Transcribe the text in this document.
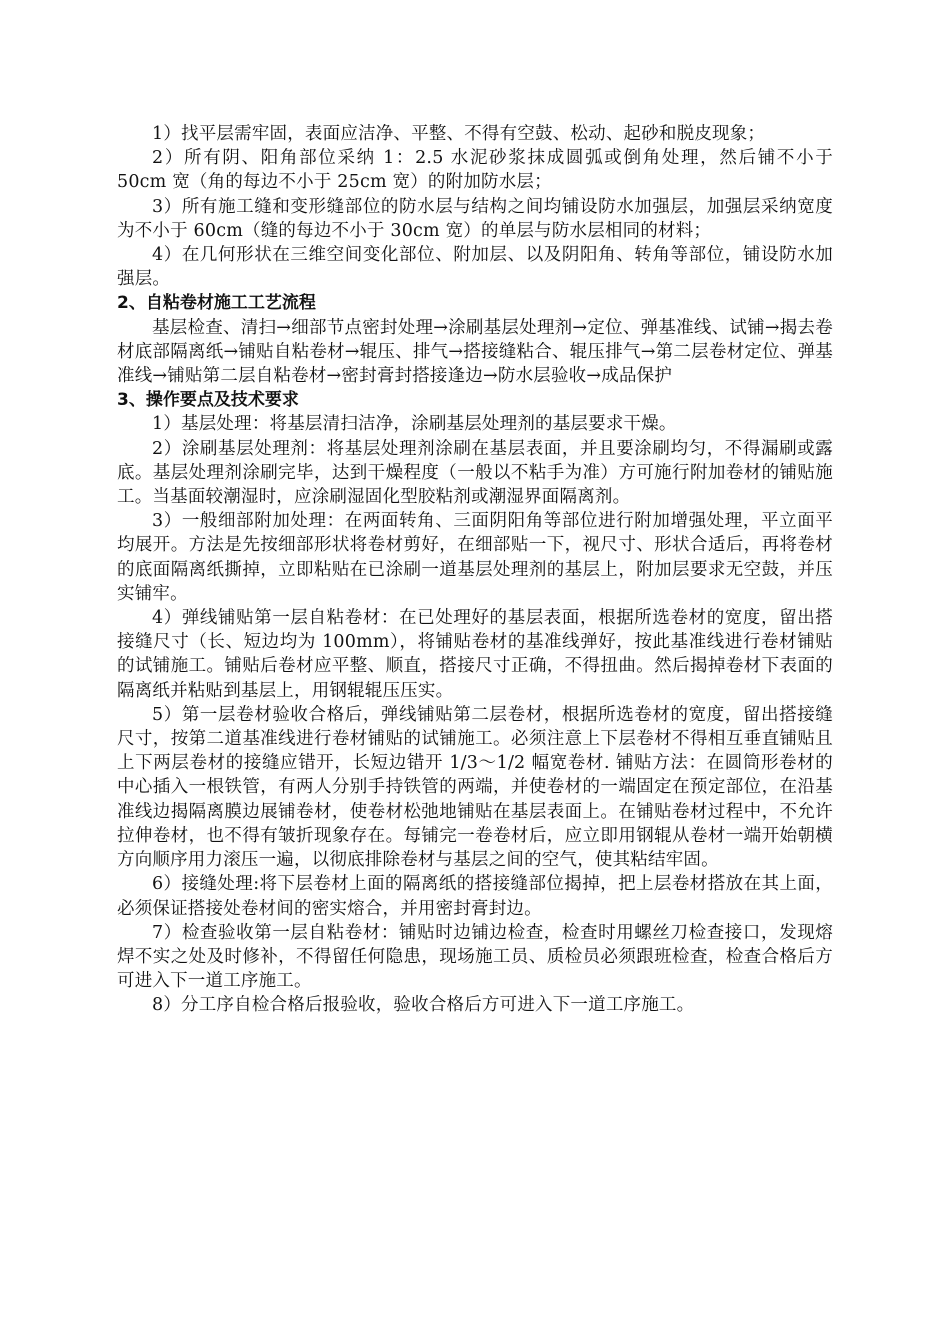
1）找平层需牢固，表面应洁净、平整、不得有空鼓、松动、起砂和脱皮现象；

2）所有阴、阳角部位采纳 1：2.5 水泥砂浆抹成圆弧或倒角处理，然后铺不小于 50cm 宽（角的每边不小于 25cm 宽）的附加防水层；

3）所有施工缝和变形缝部位的防水层与结构之间均铺设防水加强层，加强层采纳宽度为不小于 60cm（缝的每边不小于 30cm 宽）的单层与防水层相同的材料；

4）在几何形状在三维空间变化部位、附加层、以及阴阳角、转角等部位，铺设防水加强层。

2、自粘卷材施工工艺流程

基层检查、清扫→细部节点密封处理→涂刷基层处理剂→定位、弹基准线、试铺→揭去卷材底部隔离纸→铺贴自粘卷材→辊压、排气→搭接缝粘合、辊压排气→第二层卷材定位、弹基准线→铺贴第二层自粘卷材→密封膏封搭接逢边→防水层验收→成品保护

3、操作要点及技术要求

1）基层处理：将基层清扫洁净，涂刷基层处理剂的基层要求干燥。

2）涂刷基层处理剂：将基层处理剂涂刷在基层表面，并且要涂刷均匀，不得漏刷或露底。基层处理剂涂刷完毕，达到干燥程度（一般以不粘手为准）方可施行附加卷材的铺贴施工。当基面较潮湿时，应涂刷湿固化型胶粘剂或潮湿界面隔离剂。

3）一般细部附加处理：在两面转角、三面阴阳角等部位进行附加增强处理，平立面平均展开。方法是先按细部形状将卷材剪好，在细部贴一下，视尺寸、形状合适后，再将卷材的底面隔离纸撕掉，立即粘贴在已涂刷一道基层处理剂的基层上，附加层要求无空鼓，并压实铺牢。

4）弹线铺贴第一层自粘卷材：在已处理好的基层表面，根据所选卷材的宽度，留出搭接缝尺寸（长、短边均为 100mm），将铺贴卷材的基准线弹好，按此基准线进行卷材铺贴的试铺施工。铺贴后卷材应平整、顺直，搭接尺寸正确，不得扭曲。然后揭掉卷材下表面的隔离纸并粘贴到基层上，用钢辊辊压压实。

5）第一层卷材验收合格后，弹线铺贴第二层卷材，根据所选卷材的宽度，留出搭接缝尺寸，按第二道基准线进行卷材铺贴的试铺施工。必须注意上下层卷材不得相互垂直铺贴且上下两层卷材的接缝应错开，长短边错开 1/3～1/2 幅宽卷材. 铺贴方法：在圆筒形卷材的中心插入一根铁管，有两人分别手持铁管的两端，并使卷材的一端固定在预定部位，在沿基准线边揭隔离膜边展铺卷材，使卷材松弛地铺贴在基层表面上。在铺贴卷材过程中，不允许拉伸卷材，也不得有皱折现象存在。每铺完一卷卷材后，应立即用钢辊从卷材一端开始朝横方向顺序用力滚压一遍，以彻底排除卷材与基层之间的空气，使其粘结牢固。

6）接缝处理:将下层卷材上面的隔离纸的搭接缝部位揭掉，把上层卷材搭放在其上面，必须保证搭接处卷材间的密实熔合，并用密封膏封边。

7）检查验收第一层自粘卷材：铺贴时边铺边检查，检查时用螺丝刀检查接口，发现熔焊不实之处及时修补，不得留任何隐患，现场施工员、质检员必须跟班检查，检查合格后方可进入下一道工序施工。

8）分工序自检合格后报验收，验收合格后方可进入下一道工序施工。
